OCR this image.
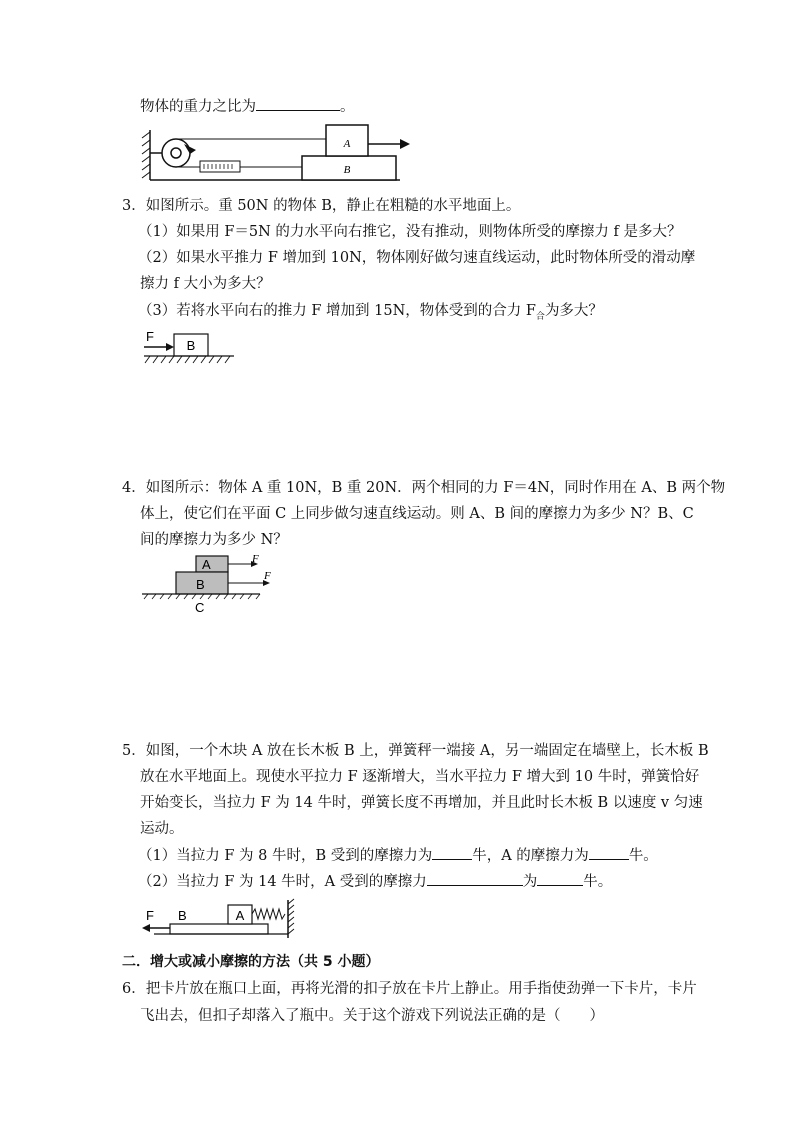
物体的重力之比为	。
A
B
3．如图所示。重 50N 的物体 B，静止在粗糙的水平地面上。
（1）如果用 F＝5N 的力水平向右推它，没有推动，则物体所受的摩擦力 f 是多大？
（2）如果水平推力 F 增加到 10N，物体刚好做匀速直线运动，此时物体所受的滑动摩
擦力 f 大小为多大？
（3）若将水平向右的推力 F 增加到 15N，物体受到的合力 $F_合$为多大？
F
B
4．如图所示：物体 A 重 10N，B 重 20N．两个相同的力 F＝4N，同时作用在 A、B 两个物
体上，使它们在平面 C 上同步做匀速直线运动。则 A、B 间的摩擦力为多少 N？B、C
间的摩擦力为多少 N？
A
B
F
F
C
5．如图，一个木块 A 放在长木板 B 上，弹簧秤一端接 A，另一端固定在墙壁上，长木板 B
放在水平地面上。现使水平拉力 F 逐渐增大，当水平拉力 F 增大到 10 牛时，弹簧恰好
开始变长，当拉力 F 为 14 牛时，弹簧长度不再增加，并且此时长木板 B 以速度 v 匀速
运动。
（1）当拉力 F 为 8 牛时，B 受到的摩擦力为	牛，A 的摩擦力为	牛。
（2）当拉力 F 为 14 牛时，A 受到的摩擦力	为	牛。
F B	A
二．增大或减小摩擦的方法（共 5 小题）
6．把卡片放在瓶口上面，再将光滑的扣子放在卡片上静止。用手指使劲弹一下卡片，卡片
飞出去，但扣子却落入了瓶中。关于这个游戏下列说法正确的是（　　）
